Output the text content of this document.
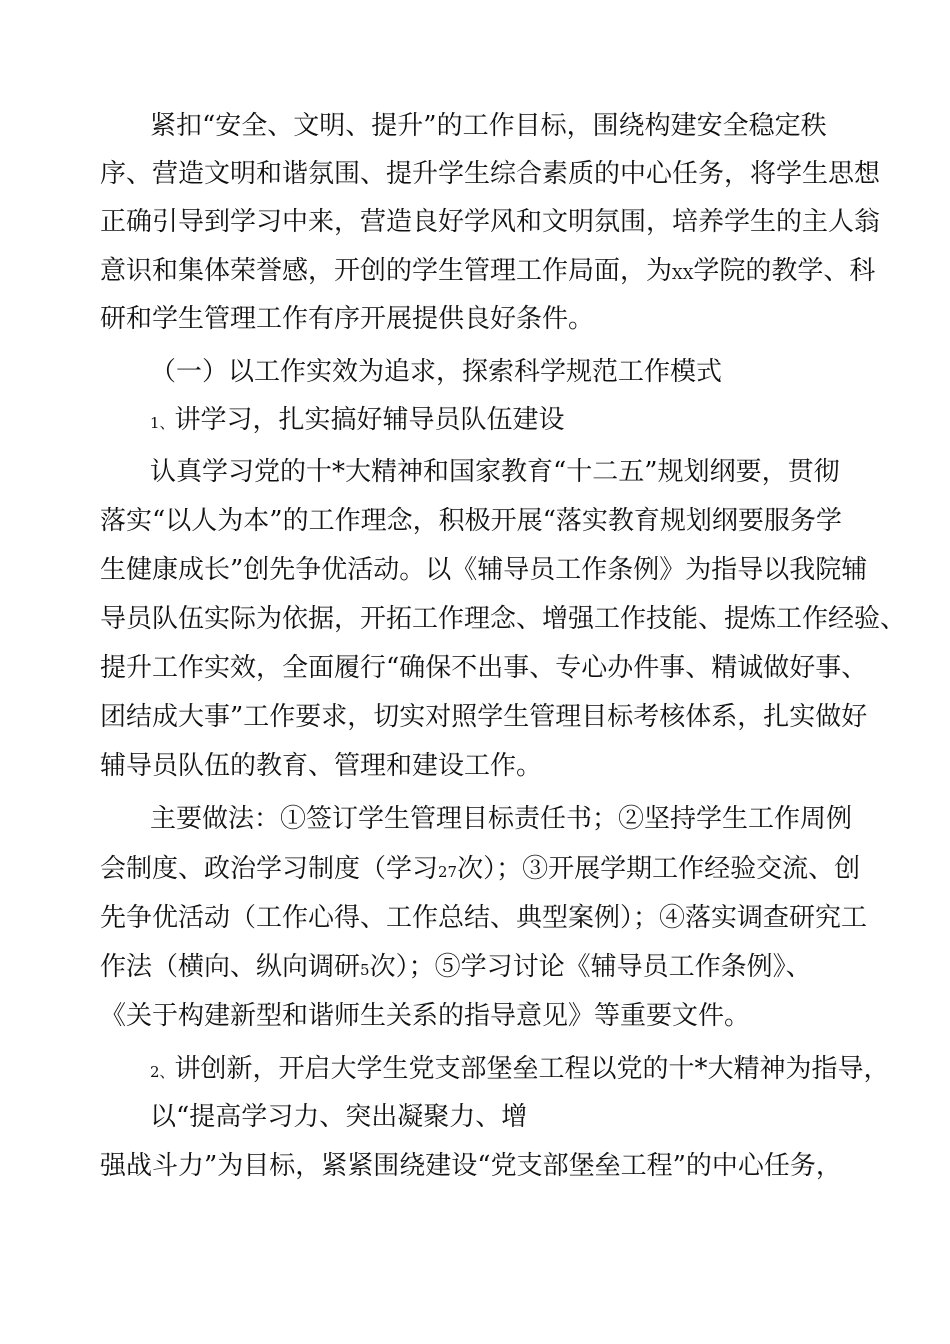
紧扣“安全、文明、提升”的工作目标，围绕构建安全稳定秩
序、营造文明和谐氛围、提升学生综合素质的中心任务，将学生思想
正确引导到学习中来，营造良好学风和文明氛围，培养学生的主人翁
意识和集体荣誉感，开创的学生管理工作局面，为XX学院的教学、科
研和学生管理工作有序开展提供良好条件。
（一）以工作实效为追求，探索科学规范工作模式
1、讲学习，扎实搞好辅导员队伍建设
认真学习党的十*大精神和国家教育“十二五”规划纲要，贯彻
落实“以人为本”的工作理念，积极开展“落实教育规划纲要服务学
生健康成长”创先争优活动。以《辅导员工作条例》为指导以我院辅
导员队伍实际为依据，开拓工作理念、增强工作技能、提炼工作经验、
提升工作实效，全面履行“确保不出事、专心办件事、精诚做好事、
团结成大事”工作要求，切实对照学生管理目标考核体系，扎实做好
辅导员队伍的教育、管理和建设工作。
主要做法：①签订学生管理目标责任书；②坚持学生工作周例
会制度、政治学习制度（学习27次）；③开展学期工作经验交流、创
先争优活动（工作心得、工作总结、典型案例）；④落实调查研究工
作法（横向、纵向调研5次）；⑤学习讨论《辅导员工作条例》、
《关于构建新型和谐师生关系的指导意见》等重要文件。
2、讲创新，开启大学生党支部堡垒工程以党的十*大精神为指导，
以“提高学习力、突出凝聚力、增
强战斗力”为目标，紧紧围绕建设“党支部堡垒工程”的中心任务，
